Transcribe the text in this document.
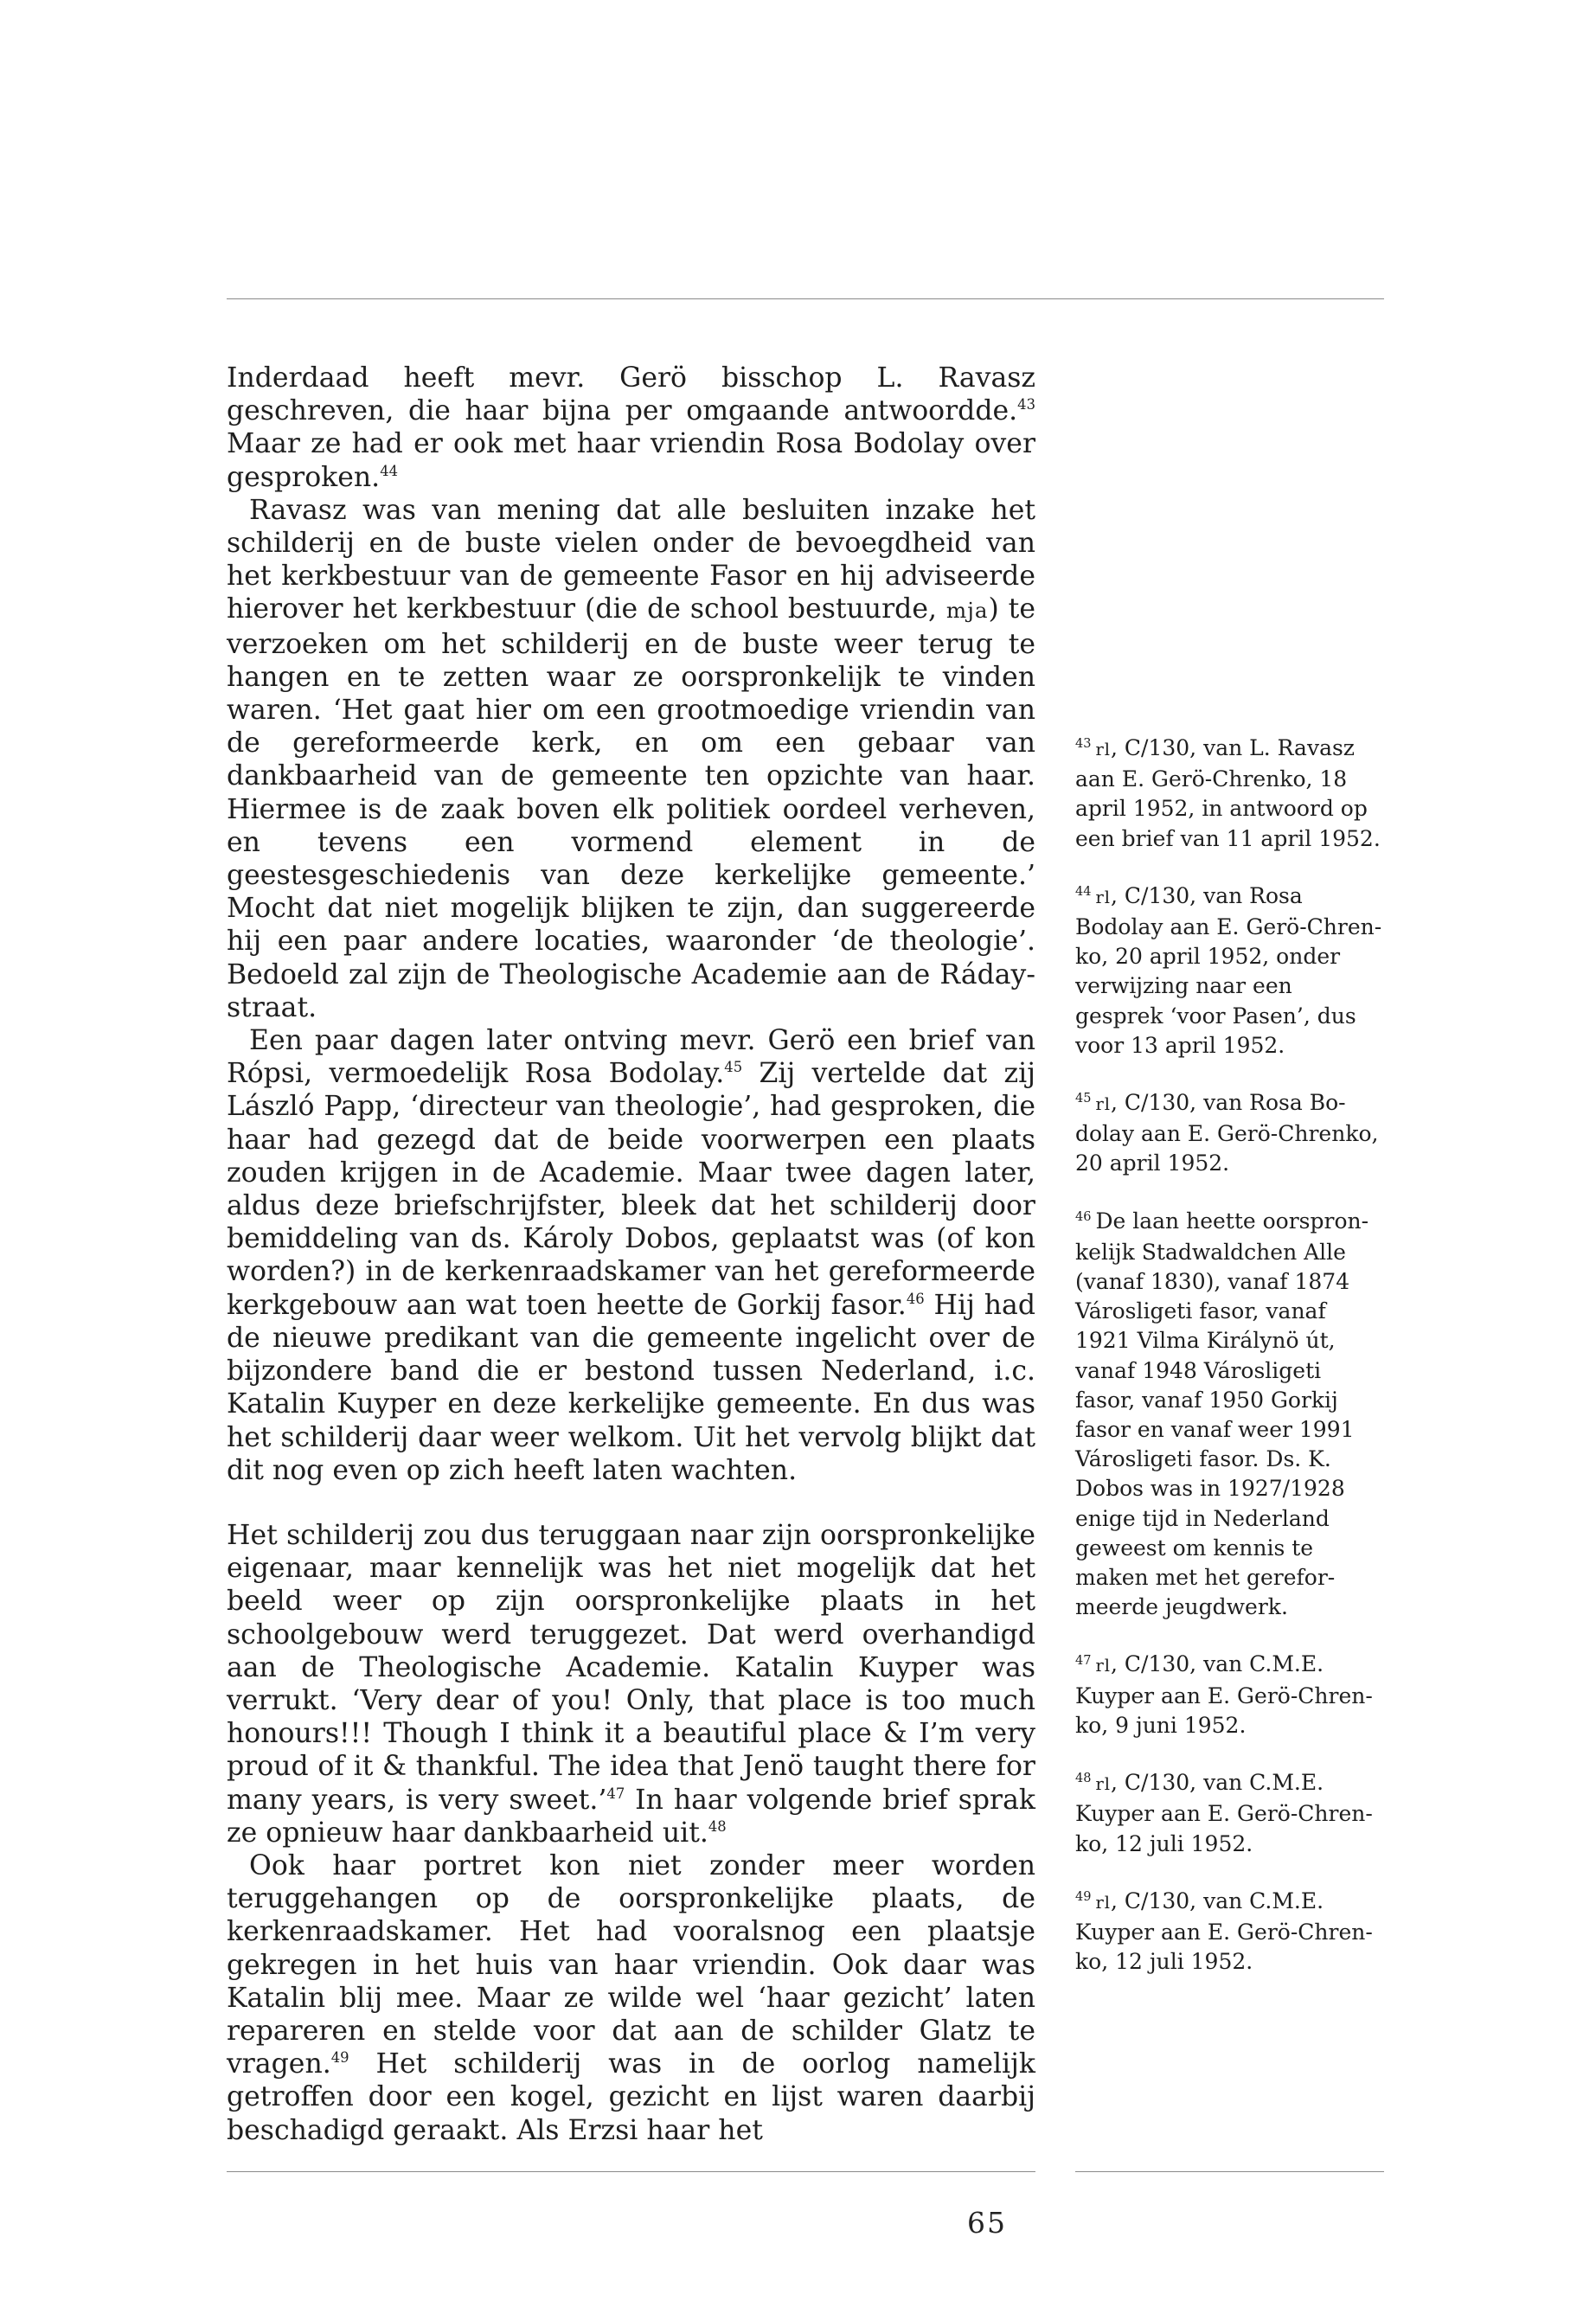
Inderdaad heeft mevr. Gerö bisschop L. Ravasz geschreven, die haar bijna per omgaande antwoordde.$^{43}$ Maar ze had er ook met haar vriendin Rosa Bodolay over gesproken.$^{44}$

Ravasz was van mening dat alle besluiten inzake het schilderij en de buste vielen onder de bevoegdheid van het kerkbestuur van de gemeente Fasor en hij adviseerde hierover het kerkbestuur (die de school bestuurde, mja) te verzoeken om het schilderij en de buste weer terug te hangen en te zetten waar ze oorspronkelijk te vinden waren. ‘Het gaat hier om een grootmoedige vriendin van de gereformeerde kerk, en om een gebaar van dankbaarheid van de gemeente ten opzichte van haar. Hiermee is de zaak boven elk politiek oordeel verheven, en tevens een vormend element in de geestesgeschiedenis van deze kerkelijke gemeente.’ Mocht dat niet mogelijk blijken te zijn, dan suggereerde hij een paar andere locaties, waaronder ‘de theologie’. Bedoeld zal zijn de Theologische Academie aan de Ráday-straat.

Een paar dagen later ontving mevr. Gerö een brief van Rópsi, vermoedelijk Rosa Bodolay.$^{45}$ Zij vertelde dat zij László Papp, ‘directeur van theologie’, had gesproken, die haar had gezegd dat de beide voorwerpen een plaats zouden krijgen in de Academie. Maar twee dagen later, aldus deze briefschrijfster, bleek dat het schilderij door bemiddeling van ds. Károly Dobos, geplaatst was (of kon worden?) in de kerkenraadskamer van het gereformeerde kerkgebouw aan wat toen heette de Gorkij fasor.$^{46}$ Hij had de nieuwe predikant van die gemeente ingelicht over de bijzondere band die er bestond tussen Nederland, i.c. Katalin Kuyper en deze kerkelijke gemeente. En dus was het schilderij daar weer welkom. Uit het vervolg blijkt dat dit nog even op zich heeft laten wachten.

Het schilderij zou dus teruggaan naar zijn oorspronkelijke eigenaar, maar kennelijk was het niet mogelijk dat het beeld weer op zijn oorspronkelijke plaats in het schoolgebouw werd teruggezet. Dat werd overhandigd aan de Theologische Academie. Katalin Kuyper was verrukt. ‘Very dear of you! Only, that place is too much honours!!! Though I think it a beautiful place & I’m very proud of it & thankful. The idea that Jenö taught there for many years, is very sweet.’$^{47}$ In haar volgende brief sprak ze opnieuw haar dankbaarheid uit.$^{48}$

Ook haar portret kon niet zonder meer worden teruggehangen op de oorspronkelijke plaats, de kerkenraadskamer. Het had vooralsnog een plaatsje gekregen in het huis van haar vriendin. Ook daar was Katalin blij mee. Maar ze wilde wel ‘haar gezicht’ laten repareren en stelde voor dat aan de schilder Glatz te vragen.$^{49}$ Het schilderij was in de oorlog namelijk getroffen door een kogel, gezicht en lijst waren daarbij beschadigd geraakt. Als Erzsi haar het

$^{43}$ rl, C/130, van L. Ravasz aan E. Gerö-Chrenko, 18 april 1952, in antwoord op een brief van 11 april 1952.

$^{44}$ rl, C/130, van Rosa Bodolay aan E. Gerö-Chrenko, 20 april 1952, onder verwijzing naar een gesprek ‘voor Pasen’, dus voor 13 april 1952.

$^{45}$ rl, C/130, van Rosa Bodolay aan E. Gerö-Chrenko, 20 april 1952.

$^{46}$ De laan heette oorspronkelijk Stadwaldchen Alle (vanaf 1830), vanaf 1874 Városligeti fasor, vanaf 1921 Vilma Királynö út, vanaf 1948 Városligeti fasor, vanaf 1950 Gorkij fasor en vanaf weer 1991 Városligeti fasor. Ds. K. Dobos was in 1927/1928 enige tijd in Nederland geweest om kennis te maken met het gereformeerde jeugdwerk.

$^{47}$ rl, C/130, van C.M.E. Kuyper aan E. Gerö-Chrenko, 9 juni 1952.

$^{48}$ rl, C/130, van C.M.E. Kuyper aan E. Gerö-Chrenko, 12 juli 1952.

$^{49}$ rl, C/130, van C.M.E. Kuyper aan E. Gerö-Chrenko, 12 juli 1952.

65
